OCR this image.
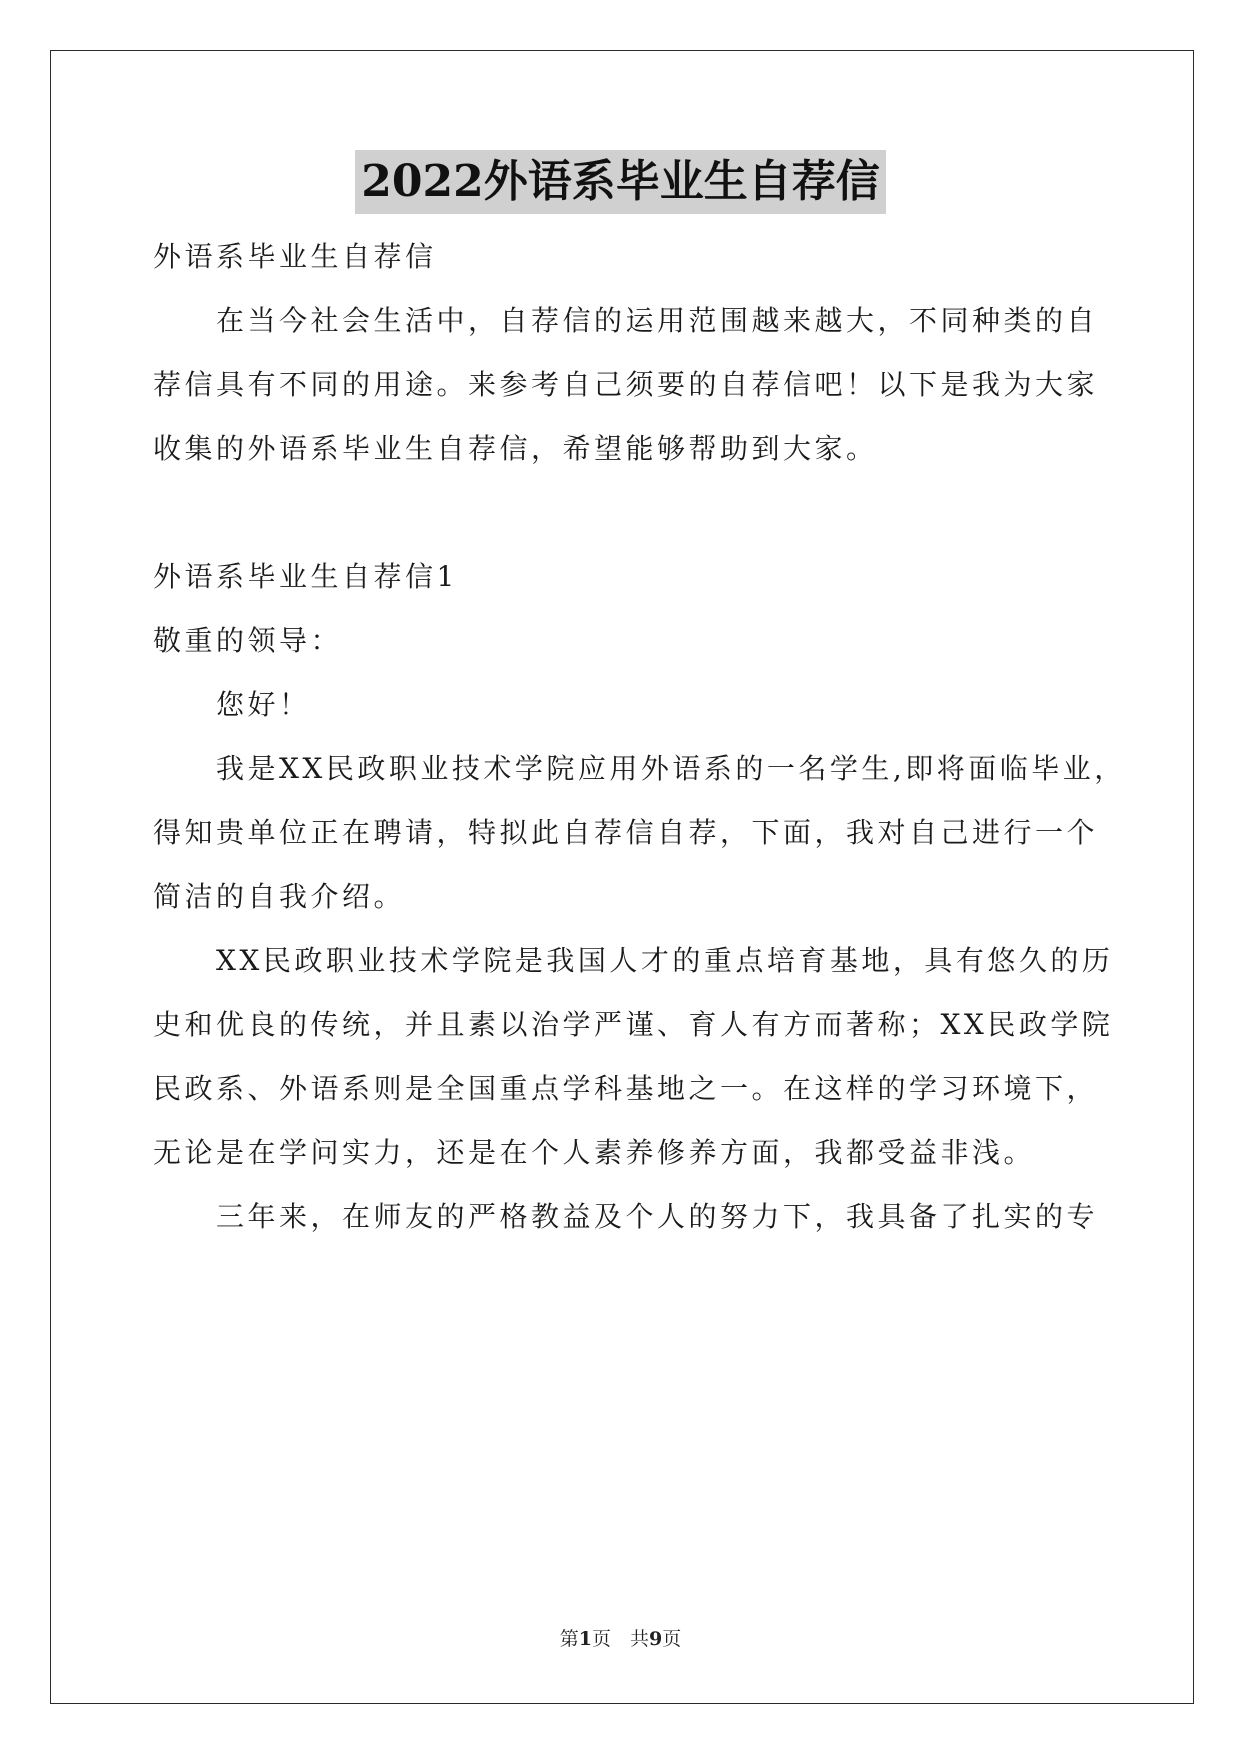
2022外语系毕业生自荐信
外语系毕业生自荐信
在当今社会生活中，自荐信的运用范围越来越大，不同种类的自
荐信具有不同的用途。来参考自己须要的自荐信吧！以下是我为大家
收集的外语系毕业生自荐信，希望能够帮助到大家。
外语系毕业生自荐信1
敬重的领导：
您好！
我是XX民政职业技术学院应用外语系的一名学生,即将面临毕业，
得知贵单位正在聘请，特拟此自荐信自荐，下面，我对自己进行一个
简洁的自我介绍。
XX民政职业技术学院是我国人才的重点培育基地，具有悠久的历
史和优良的传统，并且素以治学严谨、育人有方而著称；XX民政学院
民政系、外语系则是全国重点学科基地之一。在这样的学习环境下，
无论是在学问实力，还是在个人素养修养方面，我都受益非浅。
三年来，在师友的严格教益及个人的努力下，我具备了扎实的专
第1页　共9页
